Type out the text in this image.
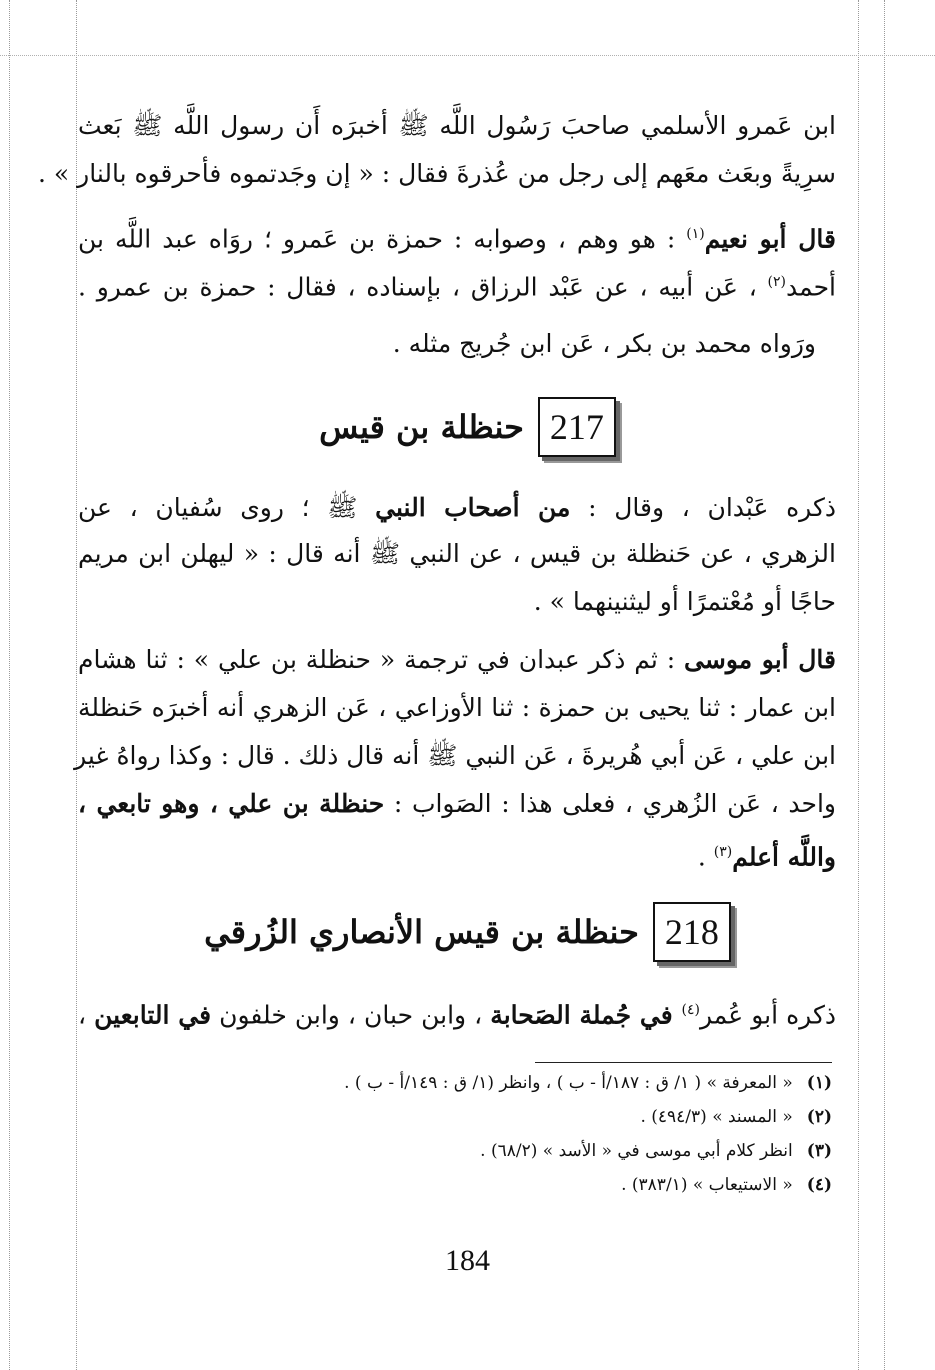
ابن عَمرو الأسلمي صاحبَ رَسُول اللَّه ﷺ أخبرَه أَن رسول اللَّه ﷺ بَعث
سرِيةً وبعَث معَهم إلى رجل من عُذرةَ فقال : « إن وجَدتموه فأحرقوه بالنار » .
قال أبو نعيم$^{(١)}$ : هو وهم ، وصوابه : حمزة بن عَمرو ؛ روَاه عبد اللَّه بن
أحمد$^{(٢)}$ ، عَن أبيه ، عن عَبْد الرزاق ، بإسناده ، فقال : حمزة بن عمرو .
ورَواه محمد بن بكر ، عَن ابن جُريج مثله .
217
حنظلة بن قيس
ذكره عَبْدان ، وقال : من أصحاب النبي ﷺ ؛ روى سُفيان ، عن
الزهري ، عن حَنظلة بن قيس ، عن النبي ﷺ أنه قال : « ليهلن ابن مريم
حاجًا أو مُعْتمرًا أو ليثنينهما » .
قال أبو موسى : ثم ذكر عبدان في ترجمة « حنظلة بن علي » : ثنا هشام
ابن عمار : ثنا يحيى بن حمزة : ثنا الأوزاعي ، عَن الزهري أنه أخبرَه حَنظلة
ابن علي ، عَن أبي هُريرةَ ، عَن النبي ﷺ أنه قال ذلك . قال : وكذا رواهُ غير
واحد ، عَن الزُهري ، فعلى هذا : الصَواب : حنظلة بن علي ، وهو تابعي ،
واللَّه أعلم$^{(٣)}$ .
218
حنظلة بن قيس الأنصاري الزُرقي
ذكره أبو عُمر$^{(٤)}$ في جُملة الصَحابة ، وابن حبان ، وابن خلفون في التابعين ،
(١)« المعرفة » ( ١/ ق : ١٨٧/أ - ب ) ، وانظر (١/ ق : ١٤٩/أ - ب ) .
(٢)« المسند » (٤٩٤/٣) .
(٣)انظر كلام أبي موسى في « الأسد » (٦٨/٢) .
(٤)« الاستيعاب » (٣٨٣/١) .
184
